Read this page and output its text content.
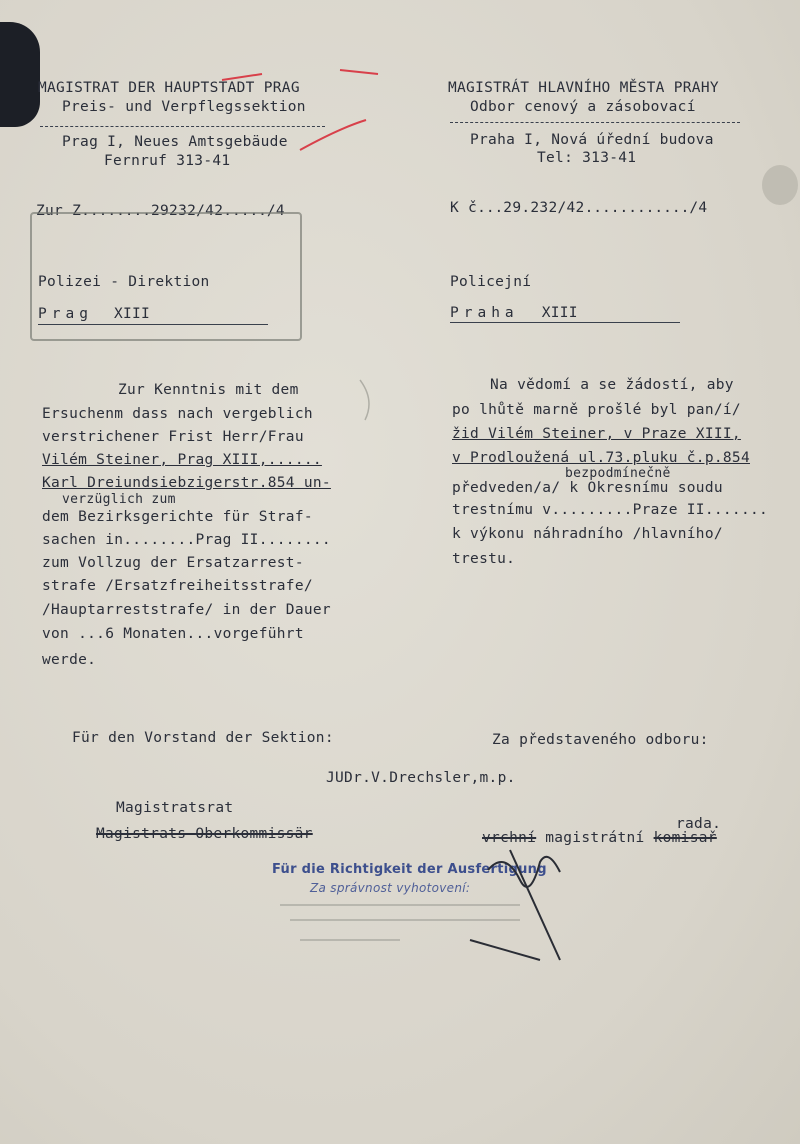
MAGISTRAT DER HAUPTSTADT PRAG
Preis- und Verpflegssektion
Prag I, Neues Amtsgebäude
Fernruf 313-41
MAGISTRÁT HLAVNÍHO MĚSTA PRAHY
Odbor cenový a zásobovací
Praha I, Nová úřední budova
Tel: 313-41
Zur Z........29232/42...../4	K č...29.232/42............/4
Polizei - Direktion
Prag XIII
Policejní
Praha XIII
Zur Kenntnis mit dem
Ersuchenm dass nach vergeblich
verstrichener Frist Herr/Frau
Vilém Steiner, Prag XIII,......
Karl Dreiundsiebzigerstr.854 un-
verzüglich zum
dem Bezirksgerichte für Straf-
sachen in........Prag II........
zum Vollzug der Ersatzarrest-
strafe /Ersatzfreiheitsstrafe/
/Hauptarreststrafe/ in der Dauer
von ...6 Monaten...vorgeführt
werde.
Na vědomí a se žádostí, aby
po lhůtě marně prošlé byl pan/í/
žid Vilém Steiner, v Praze XIII,
v Prodloužená ul.73.pluku č.p.854
bezpodmínečně
předveden/a/ k Okresnímu soudu
trestnímu v.........Praze II.......
k výkonu náhradního /hlavního/
trestu.
Für den Vorstand der Sektion:	Za představeného odboru:
JUDr.V.Drechsler,m.p.
Magistratsrat
Magistrats-Oberkommissär
rada.
vrchní magistrátní komisař
Für die Richtigkeit der Ausfertigung
Za správnost vyhotovení:
